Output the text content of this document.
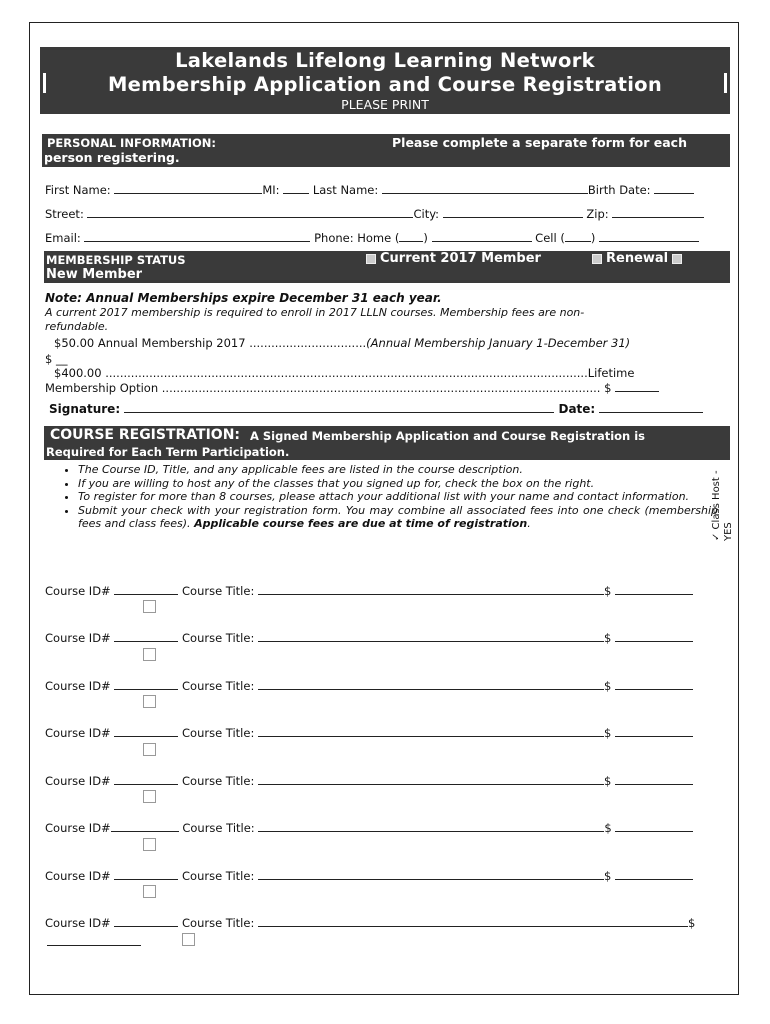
Lakelands Lifelong Learning Network
Membership Application and Course Registration
PLEASE PRINT
PERSONAL INFORMATION:	Please complete a separate form for each
person registering.
First Name:	MI:	Last Name:	Birth Date:
Street:	City:	Zip:
Email:	Phone: Home ( )	Cell ( )
MEMBERSHIP STATUS	Current 2017 Member	Renewal
New Member
Note: Annual Memberships expire December 31 each year.
A current 2017 membership is required to enroll in 2017 LLLN courses. Membership fees are non-
refundable.
$50.00 Annual Membership 2017 ................................(Annual Membership January 1-December 31)
$ __
$400.00 ....................................................................................................................................Lifetime
Membership Option ........................................................................................................................ $
Signature:	Date:
COURSE REGISTRATION: A Signed Membership Application and Course Registration is
Required for Each Term Participation.
• The Course ID, Title, and any applicable fees are listed in the course description.
• If you are willing to host any of the classes that you signed up for, check the box on the right.
• To register for more than 8 courses, please attach your additional list with your name and contact information.
• Submit your check with your registration form. You may combine all associated fees into one check (membership fees and class fees). Applicable course fees are due at time of registration.	✓ Class Host - YES
Course ID#	Course Title:	$
Course ID#	Course Title:	$
Course ID#	Course Title:	$
Course ID#	Course Title:	$
Course ID#	Course Title:	$
Course ID#	Course Title:	$
Course ID#	Course Title:	$
Course ID#	Course Title:	$
